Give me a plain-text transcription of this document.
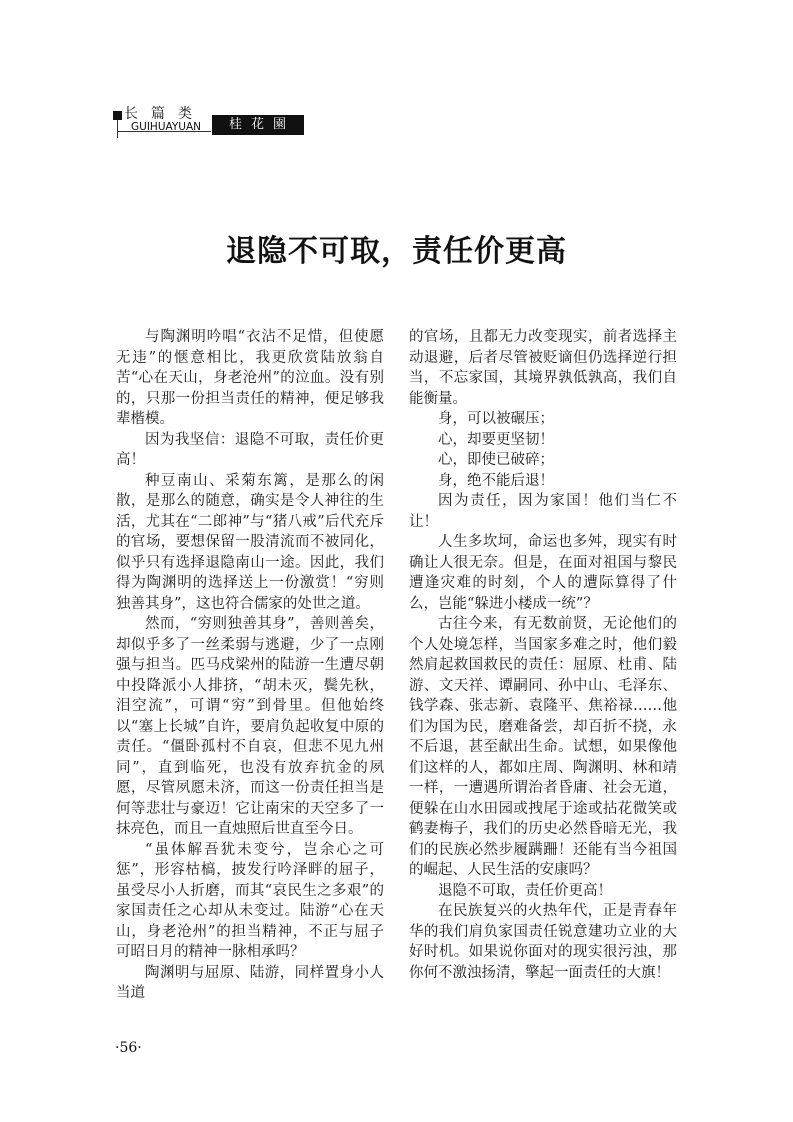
长篇类
GUIHUAYUAN	桂花園
退隐不可取，责任价更高

与陶渊明吟唱“衣沾不足惜，但使愿无违”的惬意相比，我更欣赏陆放翁自苦“心在天山，身老沧州”的泣血。没有别的，只那一份担当责任的精神，便足够我辈楷模。

因为我坚信：退隐不可取，责任价更高！

种豆南山、采菊东篱，是那么的闲散，是那么的随意，确实是令人神往的生活，尤其在“二郎神”与“猪八戒”后代充斥的官场，要想保留一股清流而不被同化，似乎只有选择退隐南山一途。因此，我们得为陶渊明的选择送上一份激赏！“穷则独善其身”，这也符合儒家的处世之道。

然而，“穷则独善其身”，善则善矣，却似乎多了一丝柔弱与逃避，少了一点刚强与担当。匹马戍梁州的陆游一生遭尽朝中投降派小人排挤，“胡未灭，鬓先秋，泪空流”，可谓“穷”到骨里。但他始终以“塞上长城”自许，要肩负起收复中原的责任。“僵卧孤村不自哀，但悲不见九州同”，直到临死，也没有放弃抗金的夙愿，尽管夙愿未济，而这一份责任担当是何等悲壮与豪迈！它让南宋的天空多了一抹亮色，而且一直烛照后世直至今日。

“虽体解吾犹未变兮，岂余心之可惩”，形容枯槁，披发行吟泽畔的屈子，虽受尽小人折磨，而其“哀民生之多艰”的家国责任之心却从未变过。陆游“心在天山，身老沧州”的担当精神，不正与屈子可昭日月的精神一脉相承吗？

陶渊明与屈原、陆游，同样置身小人当道

的官场，且都无力改变现实，前者选择主动退避，后者尽管被贬谪但仍选择逆行担当，不忘家国，其境界孰低孰高，我们自能衡量。

身，可以被碾压；

心，却要更坚韧！

心，即使已破碎；

身，绝不能后退！

因为责任，因为家国！他们当仁不让！

人生多坎坷，命运也多舛，现实有时确让人很无奈。但是，在面对祖国与黎民遭逢灾难的时刻，个人的遭际算得了什么，岂能“躲进小楼成一统”？

古往今来，有无数前贤，无论他们的个人处境怎样，当国家多难之时，他们毅然肩起救国救民的责任：屈原、杜甫、陆游、文天祥、谭嗣同、孙中山、毛泽东、钱学森、张志新、袁隆平、焦裕禄……他们为国为民，磨难备尝，却百折不挠，永不后退，甚至献出生命。试想，如果像他们这样的人，都如庄周、陶渊明、林和靖一样，一遭遇所谓治者昏庸、社会无道，便躲在山水田园或拽尾于途或拈花微笑或鹤妻梅子，我们的历史必然昏暗无光，我们的民族必然步履蹒跚！还能有当今祖国的崛起、人民生活的安康吗？

退隐不可取，责任价更高！

在民族复兴的火热年代，正是青春年华的我们肩负家国责任锐意建功立业的大好时机。如果说你面对的现实很污浊，那你何不激浊扬清，擎起一面责任的大旗！

·56·
